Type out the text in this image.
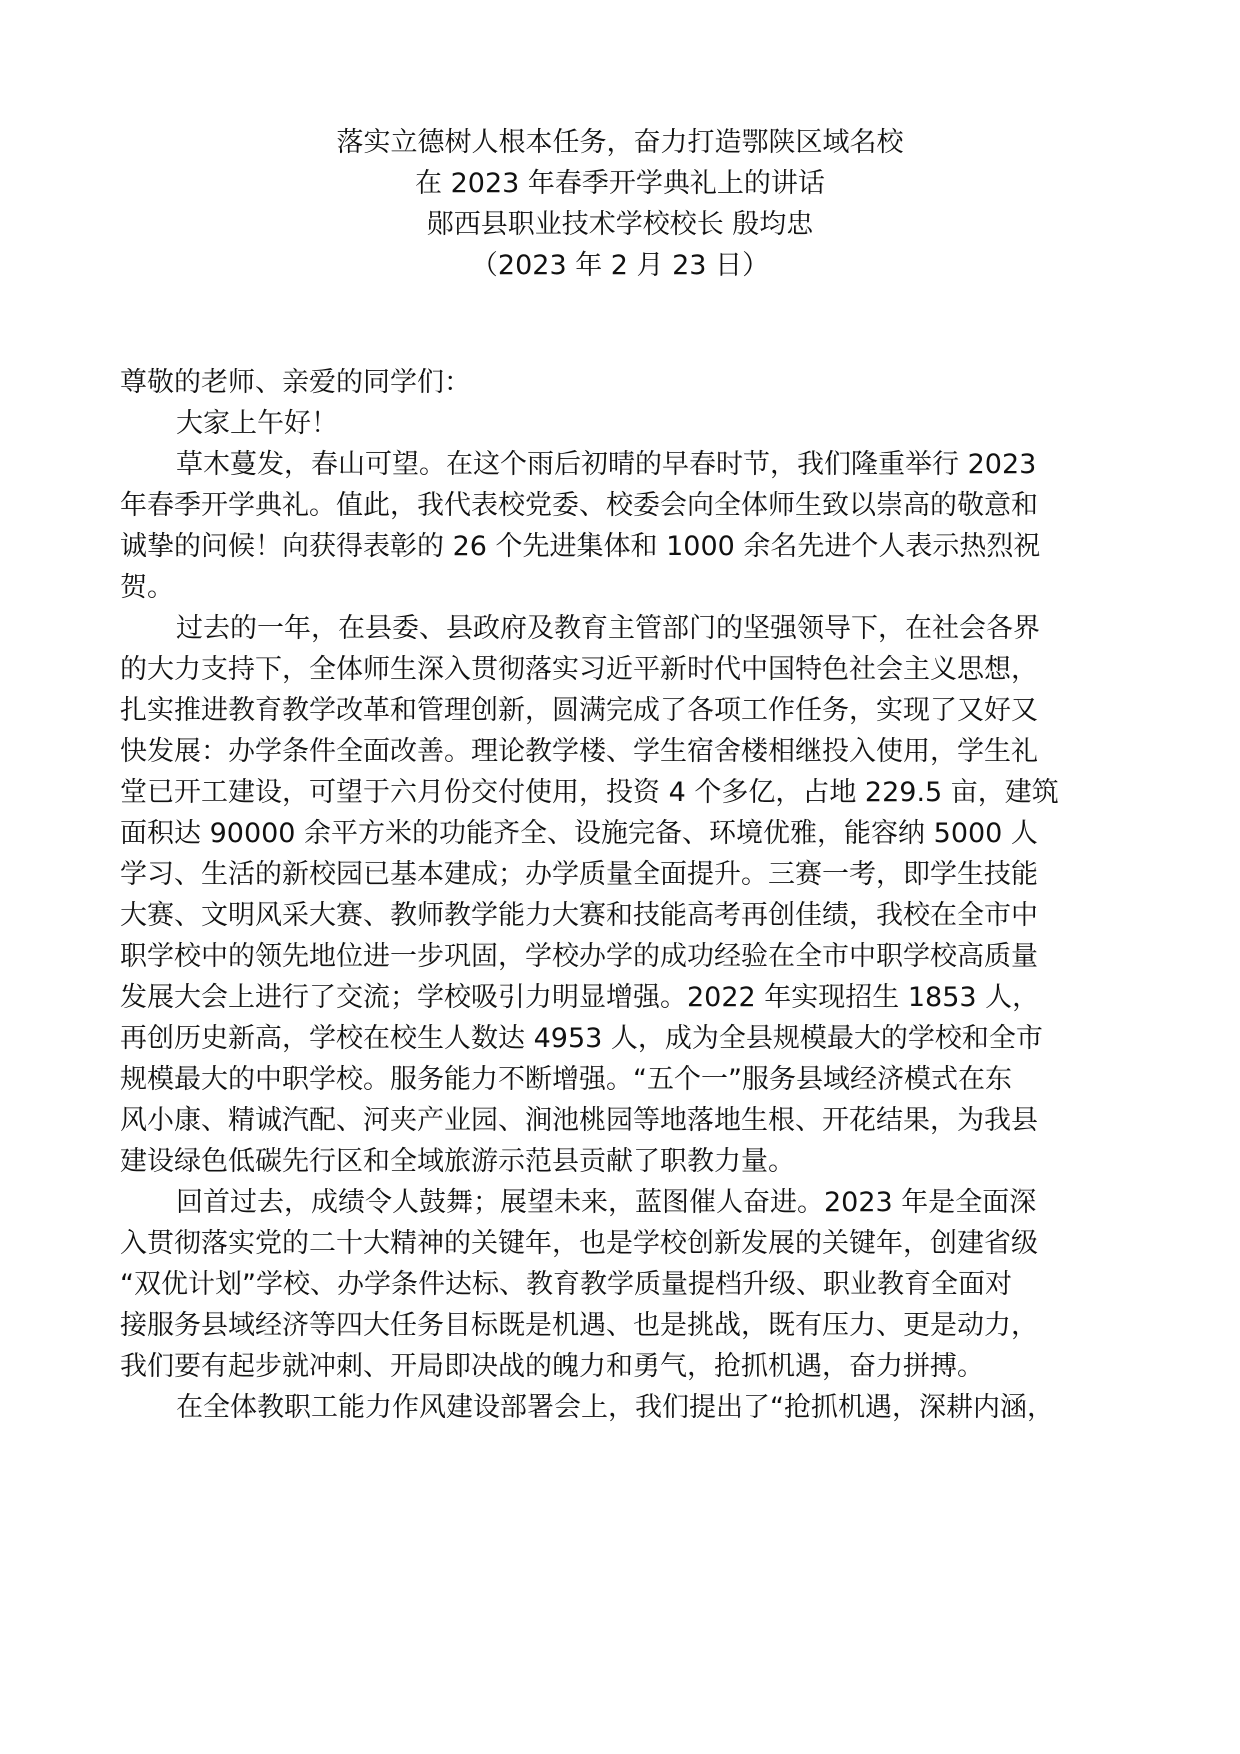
落实立德树人根本任务，奋力打造鄂陕区域名校
在 2023 年春季开学典礼上的讲话
郧西县职业技术学校校长 殷均忠
（2023 年 2 月 23 日）

尊敬的老师、亲爱的同学们：

大家上午好！

草木蔓发，春山可望。在这个雨后初晴的早春时节，我们隆重举行 2023
年春季开学典礼。值此，我代表校党委、校委会向全体师生致以崇高的敬意和
诚挚的问候！向获得表彰的 26 个先进集体和 1000 余名先进个人表示热烈祝
贺。

过去的一年，在县委、县政府及教育主管部门的坚强领导下，在社会各界
的大力支持下，全体师生深入贯彻落实习近平新时代中国特色社会主义思想，
扎实推进教育教学改革和管理创新，圆满完成了各项工作任务，实现了又好又
快发展：办学条件全面改善。理论教学楼、学生宿舍楼相继投入使用，学生礼
堂已开工建设，可望于六月份交付使用，投资 4 个多亿，占地 229.5 亩，建筑
面积达 90000 余平方米的功能齐全、设施完备、环境优雅，能容纳 5000 人
学习、生活的新校园已基本建成；办学质量全面提升。三赛一考，即学生技能
大赛、文明风采大赛、教师教学能力大赛和技能高考再创佳绩，我校在全市中
职学校中的领先地位进一步巩固，学校办学的成功经验在全市中职学校高质量
发展大会上进行了交流；学校吸引力明显增强。2022 年实现招生 1853 人，
再创历史新高，学校在校生人数达 4953 人，成为全县规模最大的学校和全市
规模最大的中职学校。服务能力不断增强。“五个一”服务县域经济模式在东
风小康、精诚汽配、河夹产业园、涧池桃园等地落地生根、开花结果，为我县
建设绿色低碳先行区和全域旅游示范县贡献了职教力量。

回首过去，成绩令人鼓舞；展望未来，蓝图催人奋进。2023 年是全面深
入贯彻落实党的二十大精神的关键年，也是学校创新发展的关键年，创建省级
“双优计划”学校、办学条件达标、教育教学质量提档升级、职业教育全面对
接服务县域经济等四大任务目标既是机遇、也是挑战，既有压力、更是动力，
我们要有起步就冲刺、开局即决战的魄力和勇气，抢抓机遇，奋力拼搏。

在全体教职工能力作风建设部署会上，我们提出了“抢抓机遇，深耕内涵，
